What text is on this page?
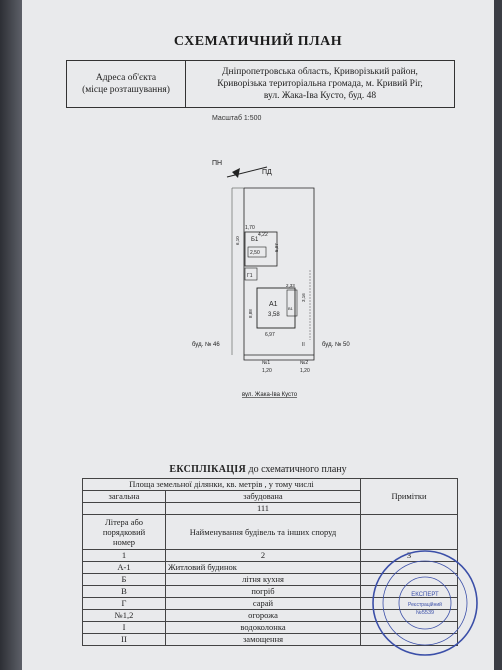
СХЕМАТИЧНИЙ ПЛАН
Адреса об'єкта
(місце розташування)

Дніпропетровська область, Криворізький район,
Криворізька територіальна громада, м. Кривий Ріг,
вул. Жака-Іва Кусто, буд. 48
Масштаб 1:500
ПН
ПД
Б1
2,50
Г1
А1
3,58
В1
1,70
4,22
5,97
6,10
8,88
6,97
2,33
3,16
II
№1	№2
1,20	1,20
буд. № 46	буд. № 50
вул. Жака-Іва Кусто
ЕКСПЛІКАЦІЯ до схематичного плану
Площа земельної ділянки, кв. метрів , у тому числі		Примітки
загальна	забудована	
	111	

Літера або
порядковий
номер	Найменування будівель та інших споруд	
1	2	3
А-1	Житловий будинок	
Б	літня кухня	
В	погріб	
Г	сарай	
№1,2	огорожа	
І	водоколонка	
ІІ	замощення	
ЕКСПЕРТ
Реєстраційний
№5539
